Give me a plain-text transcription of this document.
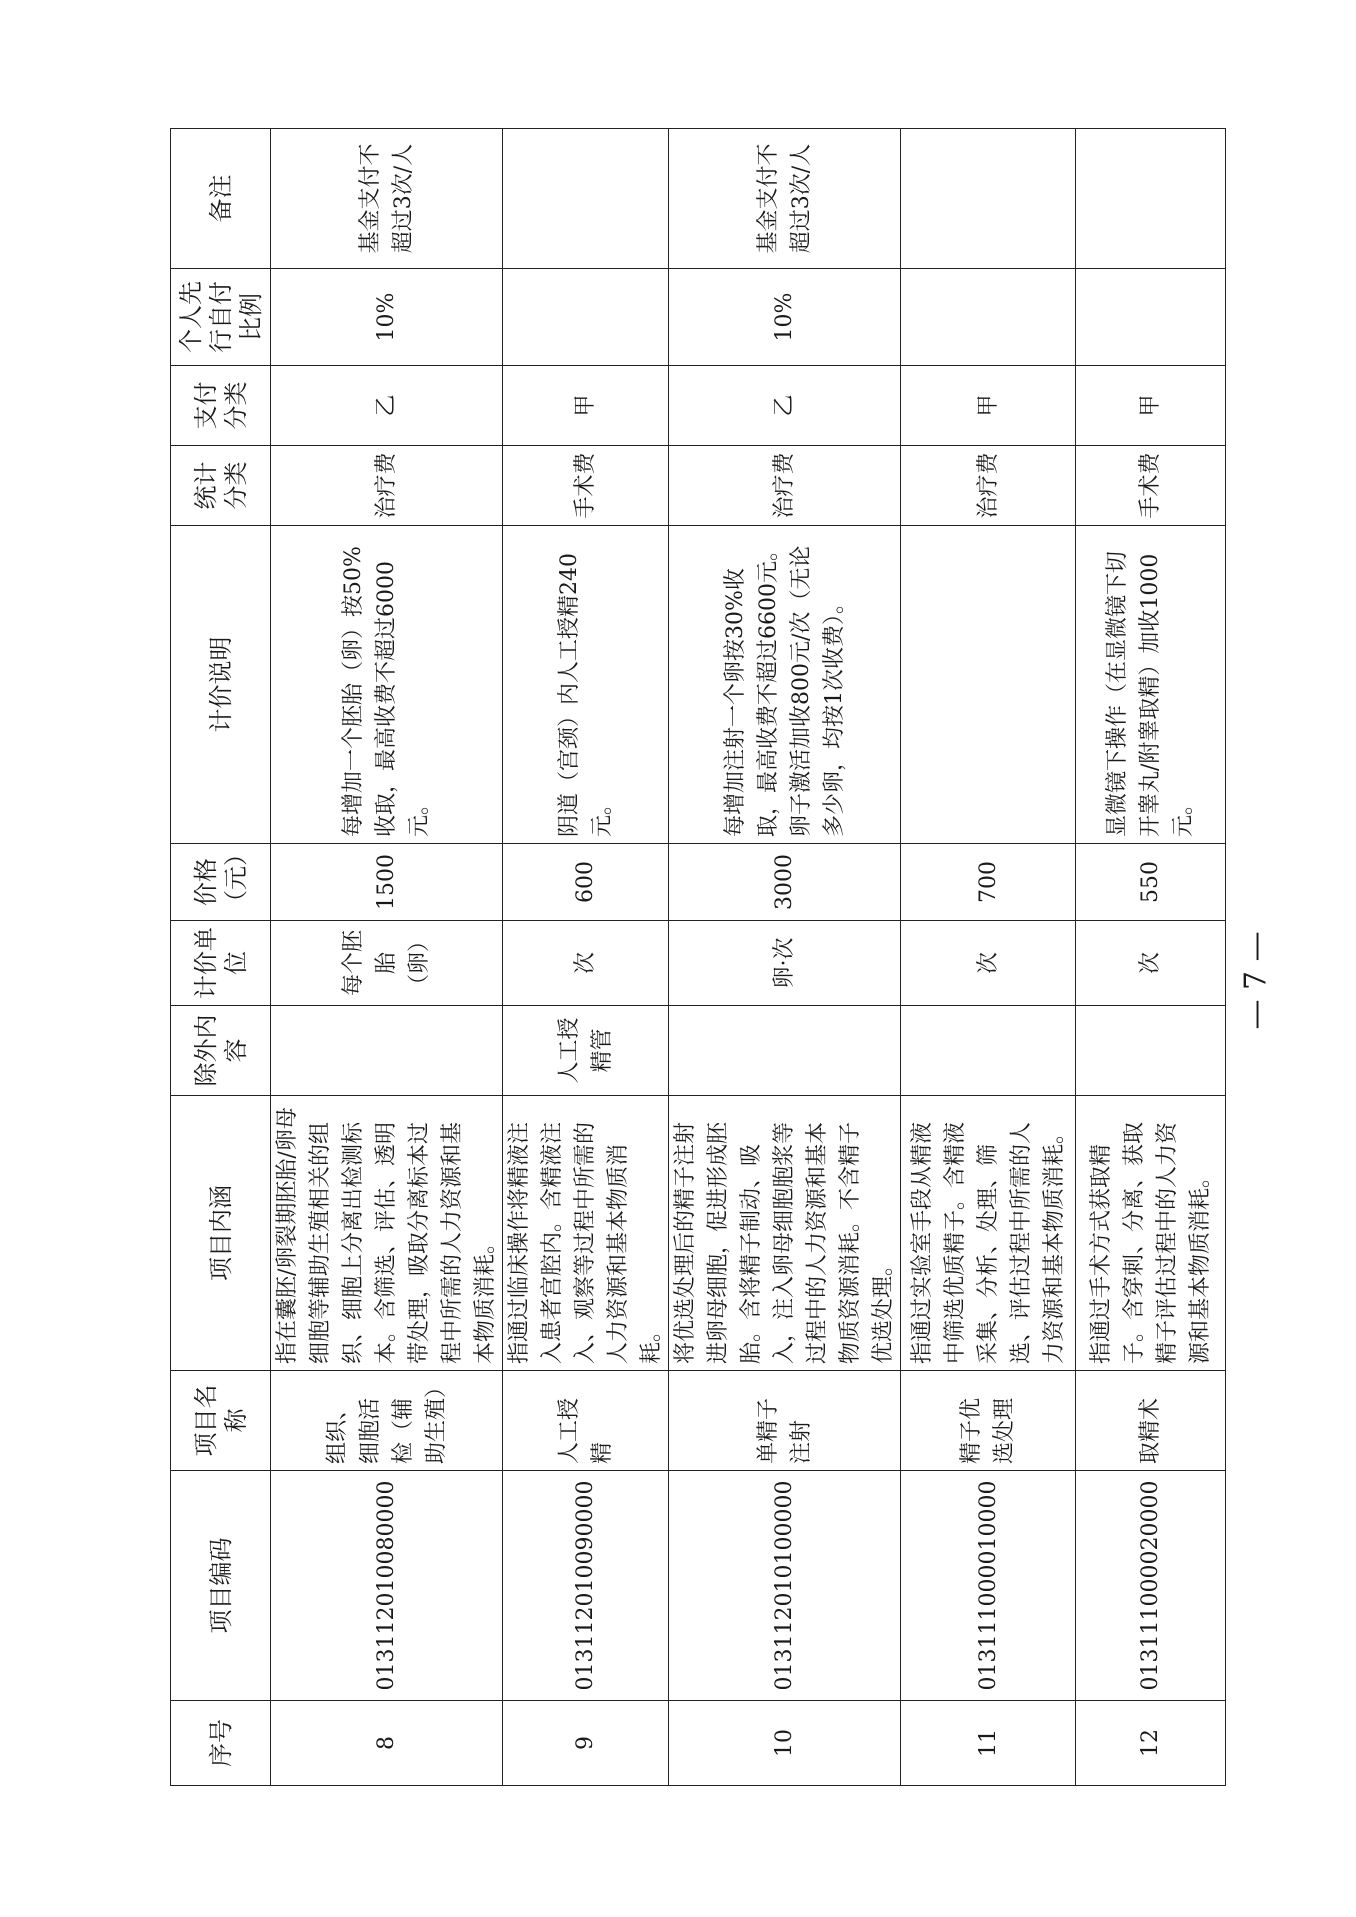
序号	项目编码	项目名称	项目内涵	除外内容	计价单位	价格（元）	计价说明	统计分类	支付分类	个人先行自付比例	备注
8	013112010080000	组织、细胞活检（辅助生殖）	指在囊胚/卵裂期胚胎/卵母细胞等辅助生殖相关的组织、细胞上分离出检测标本。含筛选、评估、透明带处理，吸取分离标本过程中所需的人力资源和基本物质消耗。		每个胚胎（卵）	1500	每增加一个胚胎（卵）按50%收取，最高收费不超过6000元。	治疗费	乙	10%	基金支付不超过3次/人
9	013112010090000	人工授精	指通过临床操作将精液注入患者宫腔内。含精液注入、观察等过程中所需的人力资源和基本物质消耗。	人工授精管	次	600	阴道（宫颈）内人工授精240元。	手术费	甲		
10	013112010100000	单精子注射	将优选处理后的精子注射进卵母细胞，促进形成胚胎。含将精子制动、吸入，注入卵母细胞胞浆等过程中的人力资源和基本物质资源消耗。不含精子优选处理。		卵·次	3000	每增加注射一个卵按30%收取，最高收费不超过6600元。卵子激活加收800元/次（无论多少卵，均按1次收费）。	治疗费	乙	10%	基金支付不超过3次/人
11	013111000010000	精子优选处理	指通过实验室手段从精液中筛选优质精子。含精液采集、分析、处理、筛选、评估过程中所需的人力资源和基本物质消耗。		次	700		治疗费	甲		
12	013111000020000	取精术	指通过手术方式获取精子。含穿刺、分离、获取精子评估过程中的人力资源和基本物质消耗。		次	550	显微镜下操作（在显微镜下切开睾丸/附睾取精）加收1000元。	手术费	甲		
— 7 —
